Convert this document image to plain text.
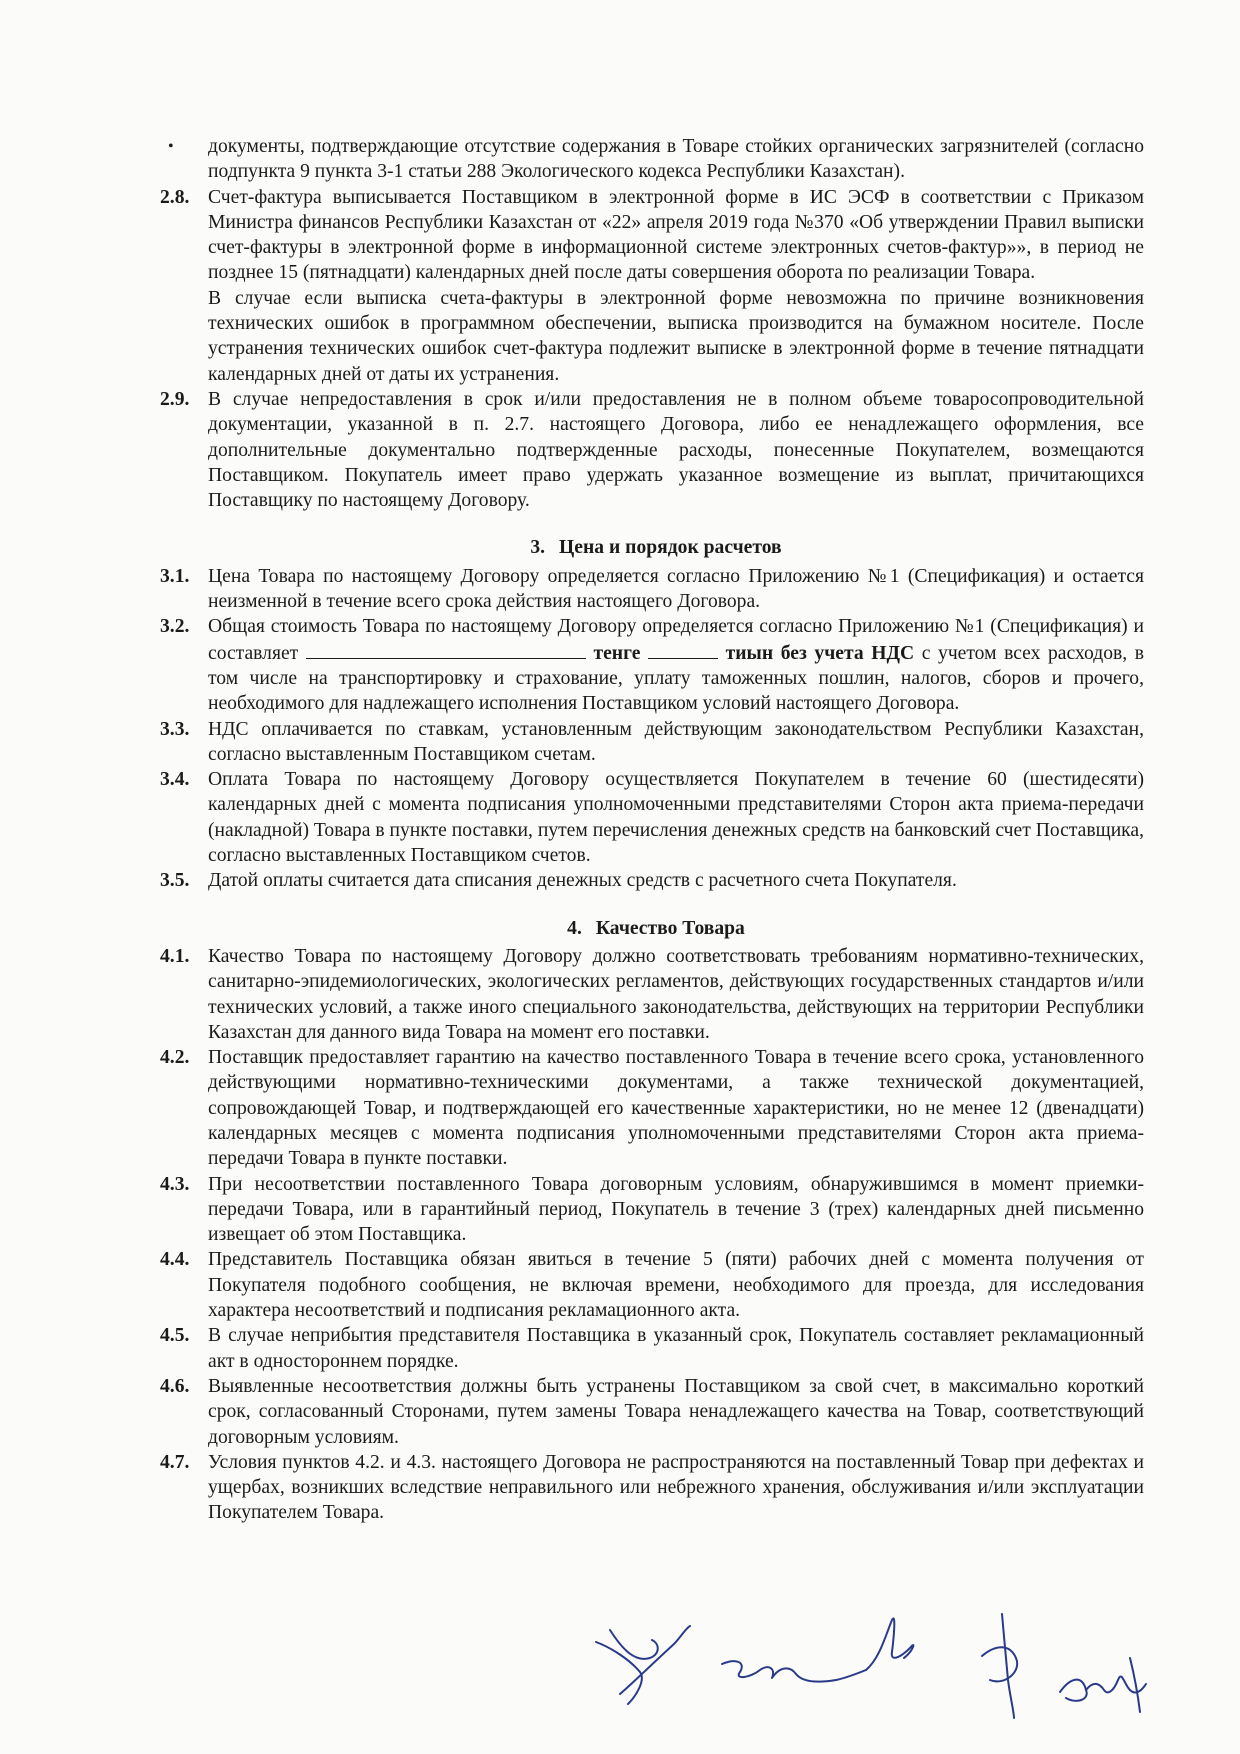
• документы, подтверждающие отсутствие содержания в Товаре стойких органических загрязнителей (согласно подпункта 9 пункта 3-1 статьи 288 Экологического кодекса Республики Казахстан).
2.8. Счет-фактура выписывается Поставщиком в электронной форме в ИС ЭСФ в соответствии с Приказом Министра финансов Республики Казахстан от «22» апреля 2019 года №370 «Об утверждении Правил выписки счет-фактуры в электронной форме в информационной системе электронных счетов-фактур»», в период не позднее 15 (пятнадцати) календарных дней после даты совершения оборота по реализации Товара.
В случае если выписка счета-фактуры в электронной форме невозможна по причине возникновения технических ошибок в программном обеспечении, выписка производится на бумажном носителе. После устранения технических ошибок счет-фактура подлежит выписке в электронной форме в течение пятнадцати календарных дней от даты их устранения.
2.9. В случае непредоставления в срок и/или предоставления не в полном объеме товаросопроводительной документации, указанной в п. 2.7. настоящего Договора, либо ее ненадлежащего оформления, все дополнительные документально подтвержденные расходы, понесенные Покупателем, возмещаются Поставщиком. Покупатель имеет право удержать указанное возмещение из выплат, причитающихся Поставщику по настоящему Договору.
3. Цена и порядок расчетов
3.1. Цена Товара по настоящему Договору определяется согласно Приложению №1 (Спецификация) и остается неизменной в течение всего срока действия настоящего Договора.
3.2. Общая стоимость Товара по настоящему Договору определяется согласно Приложению №1 (Спецификация) и составляет	тенге	тиын без учета НДС с учетом всех расходов, в том числе на транспортировку и страхование, уплату таможенных пошлин, налогов, сборов и прочего, необходимого для надлежащего исполнения Поставщиком условий настоящего Договора.
3.3. НДС оплачивается по ставкам, установленным действующим законодательством Республики Казахстан, согласно выставленным Поставщиком счетам.
3.4. Оплата Товара по настоящему Договору осуществляется Покупателем в течение 60 (шестидесяти) календарных дней с момента подписания уполномоченными представителями Сторон акта приема-передачи (накладной) Товара в пункте поставки, путем перечисления денежных средств на банковский счет Поставщика, согласно выставленных Поставщиком счетов.
3.5. Датой оплаты считается дата списания денежных средств с расчетного счета Покупателя.
4. Качество Товара
4.1. Качество Товара по настоящему Договору должно соответствовать требованиям нормативно-технических, санитарно-эпидемиологических, экологических регламентов, действующих государственных стандартов и/или технических условий, а также иного специального законодательства, действующих на территории Республики Казахстан для данного вида Товара на момент его поставки.
4.2. Поставщик предоставляет гарантию на качество поставленного Товара в течение всего срока, установленного действующими нормативно-техническими документами, а также технической документацией, сопровождающей Товар, и подтверждающей его качественные характеристики, но не менее 12 (двенадцати) календарных месяцев с момента подписания уполномоченными представителями Сторон акта приема-передачи Товара в пункте поставки.
4.3. При несоответствии поставленного Товара договорным условиям, обнаружившимся в момент приемки-передачи Товара, или в гарантийный период, Покупатель в течение 3 (трех) календарных дней письменно извещает об этом Поставщика.
4.4. Представитель Поставщика обязан явиться в течение 5 (пяти) рабочих дней с момента получения от Покупателя подобного сообщения, не включая времени, необходимого для проезда, для исследования характера несоответствий и подписания рекламационного акта.
4.5. В случае неприбытия представителя Поставщика в указанный срок, Покупатель составляет рекламационный акт в одностороннем порядке.
4.6. Выявленные несоответствия должны быть устранены Поставщиком за свой счет, в максимально короткий срок, согласованный Сторонами, путем замены Товара ненадлежащего качества на Товар, соответствующий договорным условиям.
4.7. Условия пунктов 4.2. и 4.3. настоящего Договора не распространяются на поставленный Товар при дефектах и ущербах, возникших вследствие неправильного или небрежного хранения, обслуживания и/или эксплуатации Покупателем Товара.
